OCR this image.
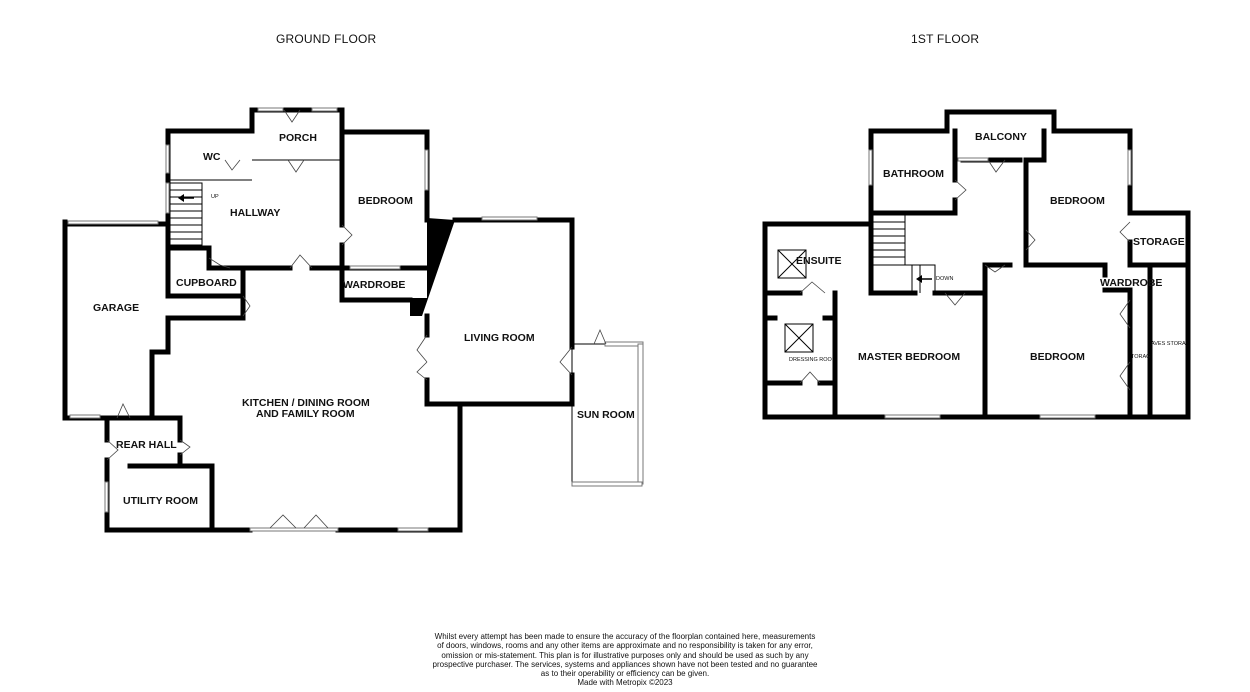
GROUND FLOOR	1ST FLOOR
WC
PORCH
HALLWAY
BEDROOM
GARAGE
CUPBOARD	WARDROBE
LIVING ROOM
KITCHEN / DINING ROOM
AND FAMILY ROOM
REAR HALL
UTILITY ROOM
SUN ROOM
UP
BALCONY
BATHROOM
BEDROOM
STORAGE
ENSUITE
WARDROBE
DRESSING ROO MASTER BEDROOM	BEDROOM	TORAG
AVES STORA
DOWN
Whilst every attempt has been made to ensure the accuracy of the floorplan contained here, measurements
of doors, windows, rooms and any other items are approximate and no responsibility is taken for any error,
omission or mis-statement. This plan is for illustrative purposes only and should be used as such by any
prospective purchaser. The services, systems and appliances shown have not been tested and no guarantee
as to their operability or efficiency can be given.
Made with Metropix ©2023
